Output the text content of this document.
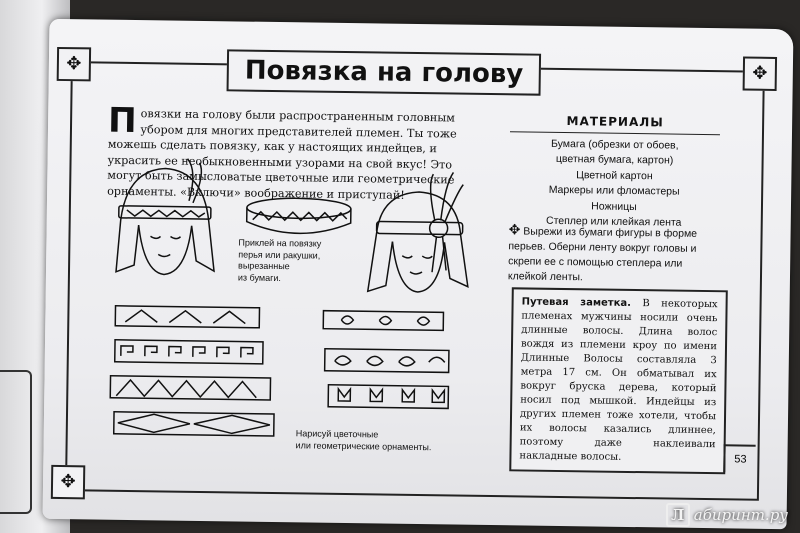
✥	✥
✥
Повязка на голову
Повязки на голову были распространенным головным убором для многих представителей племен. Ты тоже можешь сделать повязку, как у настоящих индейцев, и украсить ее необыкновенными узорами на свой вкус! Это могут быть замысловатые цветочные или геометрические орнаменты. «Включи» воображение и приступай!
МАТЕРИАЛЫ
Бумага (обрезки от обоев,
цветная бумага, картон)
Цветной картон
Маркеры или фломастеры
Ножницы
Степлер или клейкая лента
✥ Вырежи из бумаги фигуры в форме перьев. Оберни ленту вокруг головы и скрепи ее с помощью степлера или клейкой ленты.
Путевая заметка. В некоторых племенах мужчины носили очень длинные волосы. Длина волос вождя из племени кроу по имени Длинные Волосы составляла 3 метра 17 см. Он обматывал их вокруг бруска дерева, который носил под мышкой. Индейцы из других племен тоже хотели, чтобы их волосы казались длиннее, поэтому даже наклеивали накладные волосы.
Приклей на повязку
перья или ракушки,
вырезанные
из бумаги.
Нарисуй цветочные
или геометрические орнаменты.
53
Л абиринт.ру
